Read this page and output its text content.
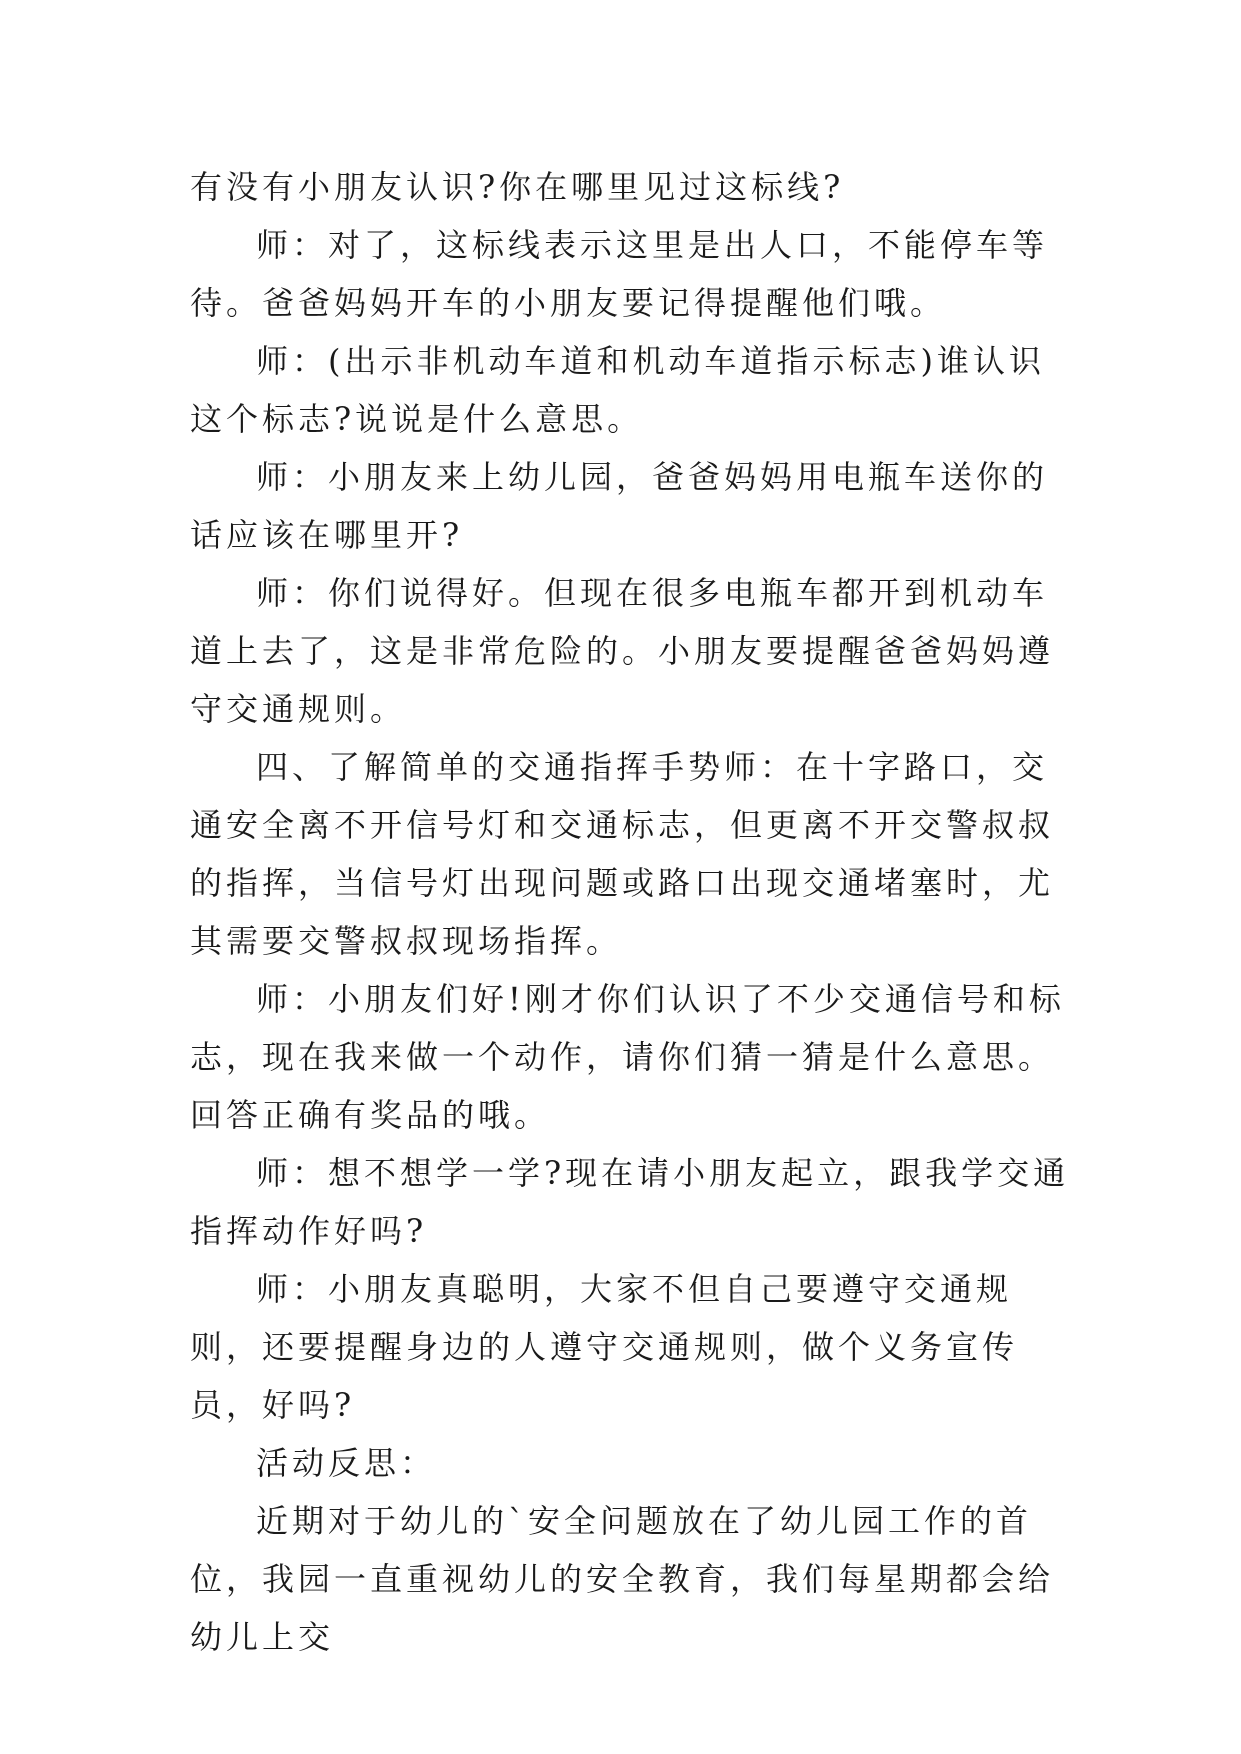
有没有小朋友认识?你在哪里见过这标线?

师：对了，这标线表示这里是出人口，不能停车等待。爸爸妈妈开车的小朋友要记得提醒他们哦。

师：(出示非机动车道和机动车道指示标志)谁认识这个标志?说说是什么意思。

师：小朋友来上幼儿园，爸爸妈妈用电瓶车送你的话应该在哪里开?

师：你们说得好。但现在很多电瓶车都开到机动车道上去了，这是非常危险的。小朋友要提醒爸爸妈妈遵守交通规则。

四、了解简单的交通指挥手势师：在十字路口，交通安全离不开信号灯和交通标志，但更离不开交警叔叔的指挥，当信号灯出现问题或路口出现交通堵塞时，尤其需要交警叔叔现场指挥。

师：小朋友们好!刚才你们认识了不少交通信号和标志，现在我来做一个动作，请你们猜一猜是什么意思。回答正确有奖品的哦。

师：想不想学一学?现在请小朋友起立，跟我学交通指挥动作好吗?

师：小朋友真聪明，大家不但自己要遵守交通规则，还要提醒身边的人遵守交通规则，做个义务宣传员，好吗?

活动反思：

近期对于幼儿的`安全问题放在了幼儿园工作的首位，我园一直重视幼儿的安全教育，我们每星期都会给幼儿上交
